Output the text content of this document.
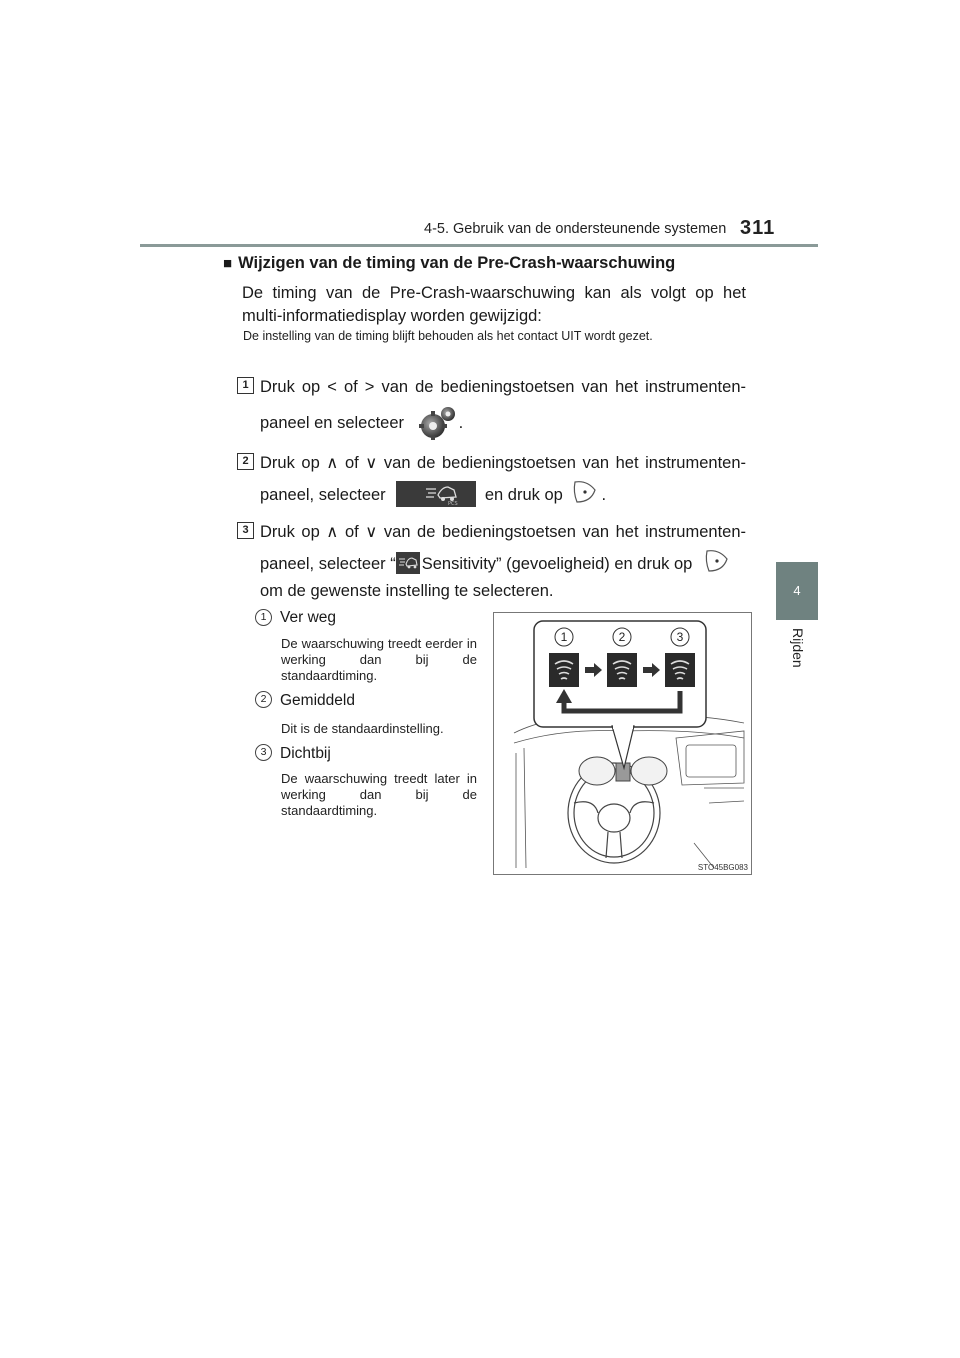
4-5. Gebruik van de ondersteunende systemen 311
4
Rijden
■ Wijzigen van de timing van de Pre-Crash-waarschuwing
De timing van de Pre-Crash-waarschuwing kan als volgt op het multi-informatiedisplay worden gewijzigd:
De instelling van de timing blijft behouden als het contact UIT wordt gezet.
1 Druk op < of > van de bedieningstoetsen van het instrumenten-
paneel en selecteer	.
2 Druk op ∧ of ∨ van de bedieningstoetsen van het instrumenten-
paneel, selecteer	PCS en druk op .
3 Druk op ∧ of ∨ van de bedieningstoetsen van het instrumenten-
paneel, selecteer “ Sensitivity” (gevoeligheid) en druk op
om de gewenste instelling te selecteren.
1 Ver weg
De waarschuwing treedt eerder in werking dan bij de standaardtiming.
2 Gemiddeld
Dit is de standaardinstelling.
3 Dichtbij
De waarschuwing treedt later in werking dan bij de standaardtiming.
1	2	3
STO45BG083
